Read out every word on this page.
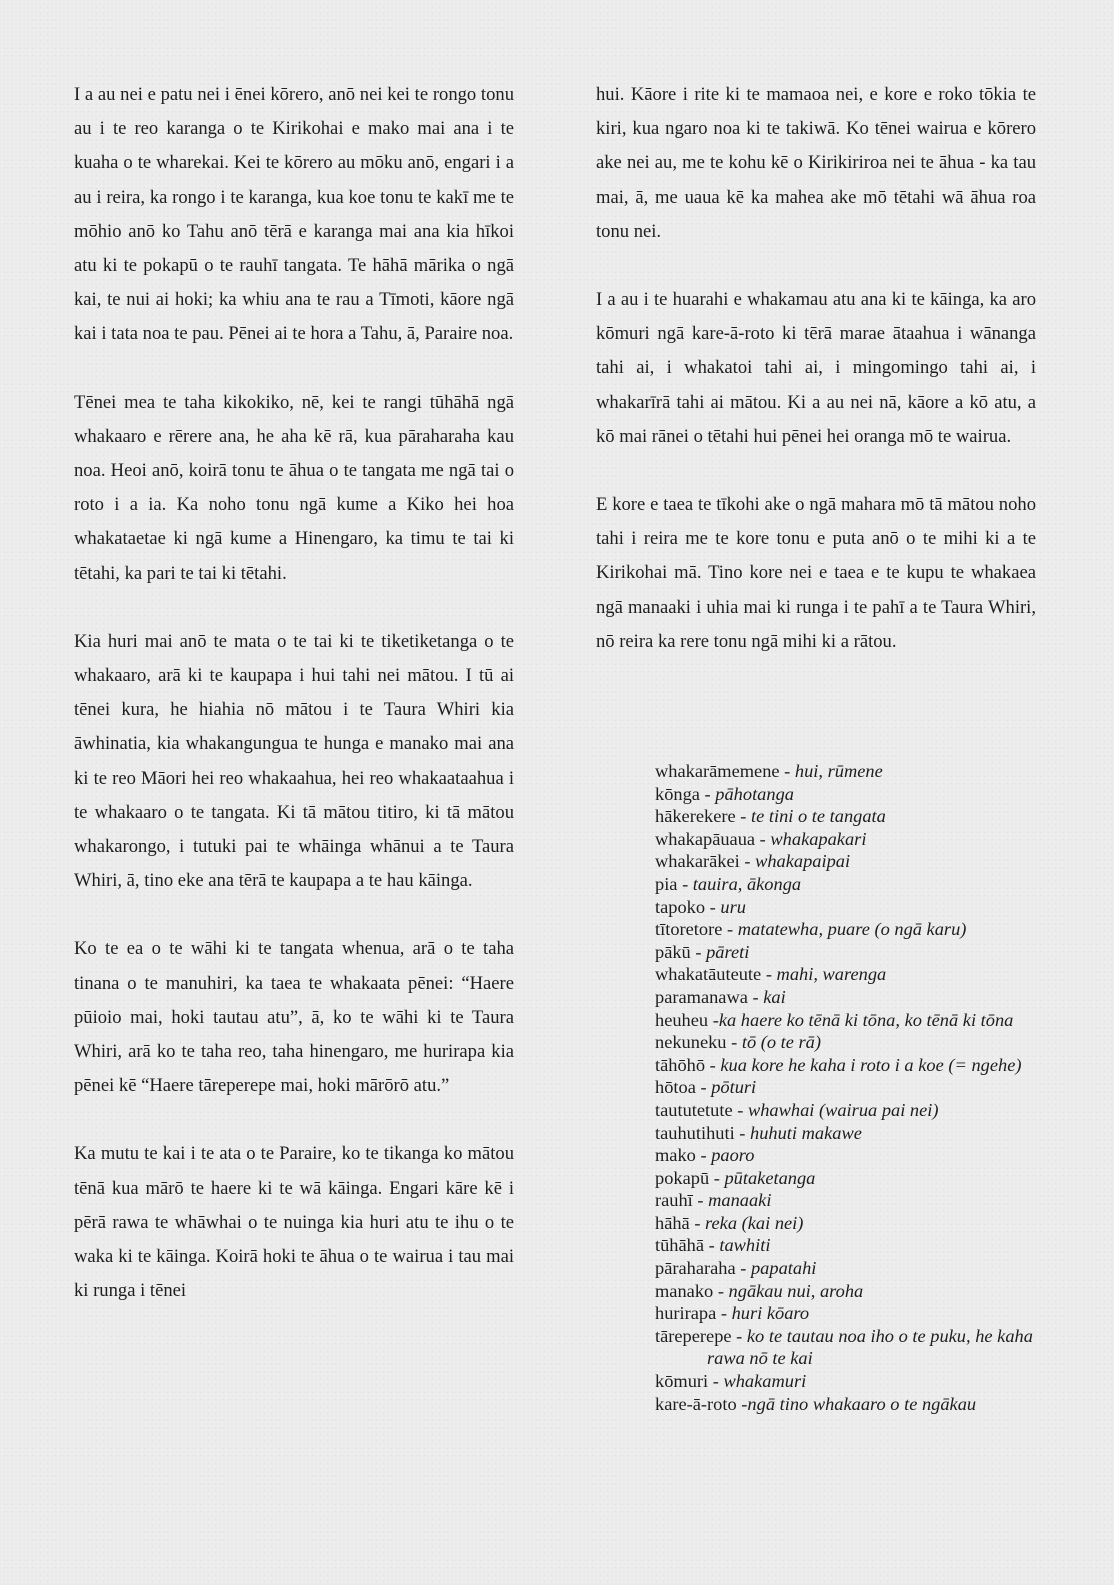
I a au nei e patu nei i ēnei kōrero, anō nei kei te rongo tonu au i te reo karanga o te Kirikohai e mako mai ana i te kuaha o te wharekai. Kei te kōrero au mōku anō, engari i a au i reira, ka rongo i te karanga, kua koe tonu te kakī me te mōhio anō ko Tahu anō tērā e karanga mai ana kia hīkoi atu ki te pokapū o te rauhī tangata. Te hāhā mārika o ngā kai, te nui ai hoki; ka whiu ana te rau a Tīmoti, kāore ngā kai i tata noa te pau. Pēnei ai te hora a Tahu, ā, Paraire noa.

Tēnei mea te taha kikokiko, nē, kei te rangi tūhāhā ngā whakaaro e rērere ana, he aha kē rā, kua pāraharaha kau noa. Heoi anō, koirā tonu te āhua o te tangata me ngā tai o roto i a ia. Ka noho tonu ngā kume a Kiko hei hoa whakataetae ki ngā kume a Hinengaro, ka timu te tai ki tētahi, ka pari te tai ki tētahi.

Kia huri mai anō te mata o te tai ki te tiketiketanga o te whakaaro, arā ki te kaupapa i hui tahi nei mātou. I tū ai tēnei kura, he hiahia nō mātou i te Taura Whiri kia āwhinatia, kia whakangungua te hunga e manako mai ana ki te reo Māori hei reo whakaahua, hei reo whakaataahua i te whakaaro o te tangata. Ki tā mātou titiro, ki tā mātou whakarongo, i tutuki pai te whāinga whānui a te Taura Whiri, ā, tino eke ana tērā te kaupapa a te hau kāinga.

Ko te ea o te wāhi ki te tangata whenua, arā o te taha tinana o te manuhiri, ka taea te whakaata pēnei: “Haere pūioio mai, hoki tautau atu”, ā, ko te wāhi ki te Taura Whiri, arā ko te taha reo, taha hinengaro, me hurirapa kia pēnei kē “Haere tāreperepe mai, hoki mārōrō atu.”

Ka mutu te kai i te ata o te Paraire, ko te tikanga ko mātou tēnā kua mārō te haere ki te wā kāinga. Engari kāre kē i pērā rawa te whāwhai o te nuinga kia huri atu te ihu o te waka ki te kāinga. Koirā hoki te āhua o te wairua i tau mai ki runga i tēnei

hui. Kāore i rite ki te mamaoa nei, e kore e roko tōkia te kiri, kua ngaro noa ki te takiwā. Ko tēnei wairua e kōrero ake nei au, me te kohu kē o Kirikiriroa nei te āhua - ka tau mai, ā, me uaua kē ka mahea ake mō tētahi wā āhua roa tonu nei.

I a au i te huarahi e whakamau atu ana ki te kāinga, ka aro kōmuri ngā kare-ā-roto ki tērā marae ātaahua i wānanga tahi ai, i whakatoi tahi ai, i mingomingo tahi ai, i whakarīrā tahi ai mātou. Ki a au nei nā, kāore a kō atu, a kō mai rānei o tētahi hui pēnei hei oranga mō te wairua.

E kore e taea te tīkohi ake o ngā mahara mō tā mātou noho tahi i reira me te kore tonu e puta anō o te mihi ki a te Kirikohai mā. Tino kore nei e taea e te kupu te whakaea ngā manaaki i uhia mai ki runga i te pahī a te Taura Whiri, nō reira ka rere tonu ngā mihi ki a rātou.

whakarāmemene - hui, rūmene
kōnga - pāhotanga
hākerekere - te tini o te tangata
whakapāuaua - whakapakari
whakarākei - whakapaipai
pia - tauira, ākonga
tapoko - uru
tītoretore - matatewha, puare (o ngā karu)
pākū - pāreti
whakatāuteute - mahi, warenga
paramanawa - kai
heuheu -ka haere ko tēnā ki tōna, ko tēnā ki tōna
nekuneku - tō (o te rā)
tāhōhō - kua kore he kaha i roto i a koe (= ngehe)
hōtoa - pōturi
taututetute - whawhai (wairua pai nei)
tauhutihuti - huhuti makawe
mako - paoro
pokapū - pūtaketanga
rauhī - manaaki
hāhā - reka (kai nei)
tūhāhā - tawhiti
pāraharaha - papatahi
manako - ngākau nui, aroha
hurirapa - huri kōaro
tāreperepe - ko te tautau noa iho o te puku, he kaha rawa nō te kai
kōmuri - whakamuri
kare-ā-roto -ngā tino whakaaro o te ngākau
